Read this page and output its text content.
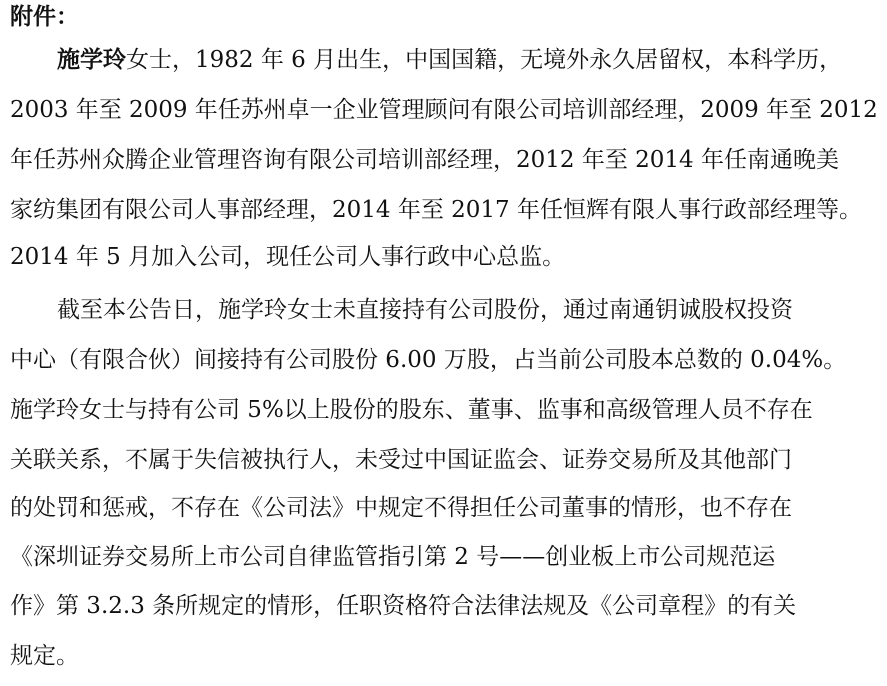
附件：
施学玲女士，1982 年 6 月出生，中国国籍，无境外永久居留权，本科学历，
2003 年至 2009 年任苏州卓一企业管理顾问有限公司培训部经理，2009 年至 2012
年任苏州众腾企业管理咨询有限公司培训部经理，2012 年至 2014 年任南通晚美
家纺集团有限公司人事部经理，2014 年至 2017 年任恒辉有限人事行政部经理等。
2014 年 5 月加入公司，现任公司人事行政中心总监。
截至本公告日，施学玲女士未直接持有公司股份，通过南通钥诚股权投资
中心（有限合伙）间接持有公司股份 6.00 万股，占当前公司股本总数的 0.04%。
施学玲女士与持有公司 5%以上股份的股东、董事、监事和高级管理人员不存在
关联关系，不属于失信被执行人，未受过中国证监会、证券交易所及其他部门
的处罚和惩戒，不存在《公司法》中规定不得担任公司董事的情形，也不存在
《深圳证券交易所上市公司自律监管指引第 2 号——创业板上市公司规范运
作》第 3.2.3 条所规定的情形，任职资格符合法律法规及《公司章程》的有关
规定。
